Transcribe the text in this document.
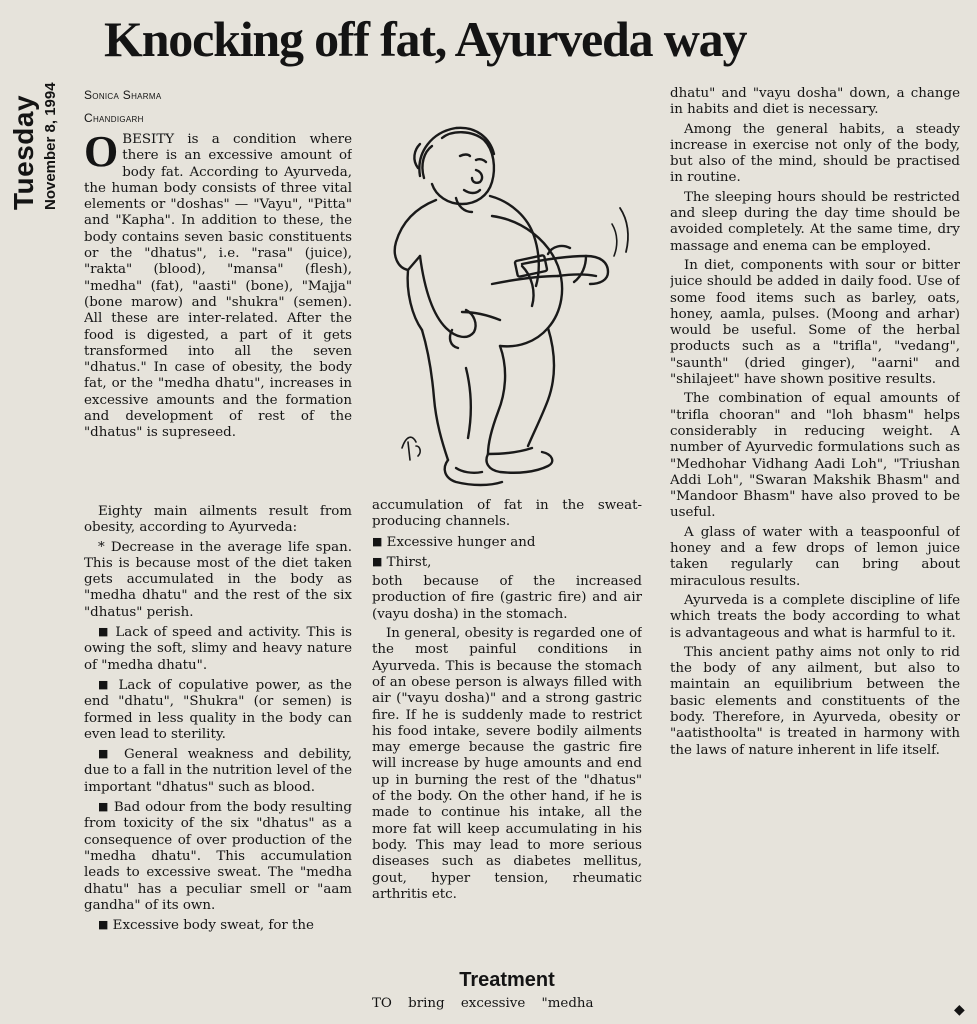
Tuesday November 8, 1994
Knocking off fat, Ayurveda way
Sonica Sharma
Chandigarh

OBESITY is a condition where there is an excessive amount of body fat. According to Ayurveda, the human body consists of three vital elements or "doshas" — "Vayu", "Pitta" and "Kapha". In addition to these, the body contains seven basic constituents or the "dhatus", i.e. "rasa" (juice), "rakta" (blood), "mansa" (flesh), "medha" (fat), "aasti" (bone), "Majja" (bone marow) and "shukra" (semen). All these are inter-related. After the food is digested, a part of it gets transformed into all the seven "dhatus." In case of obesity, the body fat, or the "medha dhatu", increases in excessive amounts and the formation and development of rest of the "dhatus" is supreseed.

Eighty main ailments result from obesity, according to Ayurveda:

* Decrease in the average life span. This is because most of the diet taken gets accumulated in the body as "medha dhatu" and the rest of the six "dhatus" perish.

■ Lack of speed and activity. This is owing the soft, slimy and heavy nature of "medha dhatu".

■ Lack of copulative power, as the end "dhatu", "Shukra" (or semen) is formed in less quality in the body can even lead to sterility.

■ General weakness and debility, due to a fall in the nutrition level of the important "dhatus" such as blood.

■ Bad odour from the body resulting from toxicity of the six "dhatus" as a consequence of over production of the "medha dhatu". This accumulation leads to excessive sweat. The "medha dhatu" has a peculiar smell or "aam gandha" of its own.

■ Excessive body sweat, for the

accumulation of fat in the sweat-producing channels.

■ Excessive hunger and

■ Thirst,

both because of the increased production of fire (gastric fire) and air (vayu dosha) in the stomach.

In general, obesity is regarded one of the most painful conditions in Ayurveda. This is because the stomach of an obese person is always filled with air ("vayu dosha)" and a strong gastric fire. If he is suddenly made to restrict his food intake, severe bodily ailments may emerge because the gastric fire will increase by huge amounts and end up in burning the rest of the "dhatus" of the body. On the other hand, if he is made to continue his intake, all the more fat will keep accumulating in his body. This may lead to more serious diseases such as diabetes mellitus, gout, hyper tension, rheumatic arthritis etc.

Treatment

TO bring excessive "medha

dhatu" and "vayu dosha" down, a change in habits and diet is necessary.

Among the general habits, a steady increase in exercise not only of the body, but also of the mind, should be practised in routine.

The sleeping hours should be restricted and sleep during the day time should be avoided completely. At the same time, dry massage and enema can be employed.

In diet, components with sour or bitter juice should be added in daily food. Use of some food items such as barley, oats, honey, aamla, pulses. (Moong and arhar) would be useful. Some of the herbal products such as a "trifla", "vedang", "saunth" (dried ginger), "aarni" and "shilajeet" have shown positive results.

The combination of equal amounts of "trifla chooran" and "loh bhasm" helps considerably in reducing weight. A number of Ayurvedic formulations such as "Medhohar Vidhang Aadi Loh", "Triushan Addi Loh", "Swaran Makshik Bhasm" and "Mandoor Bhasm" have also proved to be useful.

A glass of water with a teaspoonful of honey and a few drops of lemon juice taken regularly can bring about miraculous results.

Ayurveda is a complete discipline of life which treats the body according to what is advantageous and what is harmful to it.

This ancient pathy aims not only to rid the body of any ailment, but also to maintain an equilibrium between the basic elements and constituents of the body. Therefore, in Ayurveda, obesity or "aatisthoolta" is treated in harmony with the laws of nature inherent in life itself.

◆
